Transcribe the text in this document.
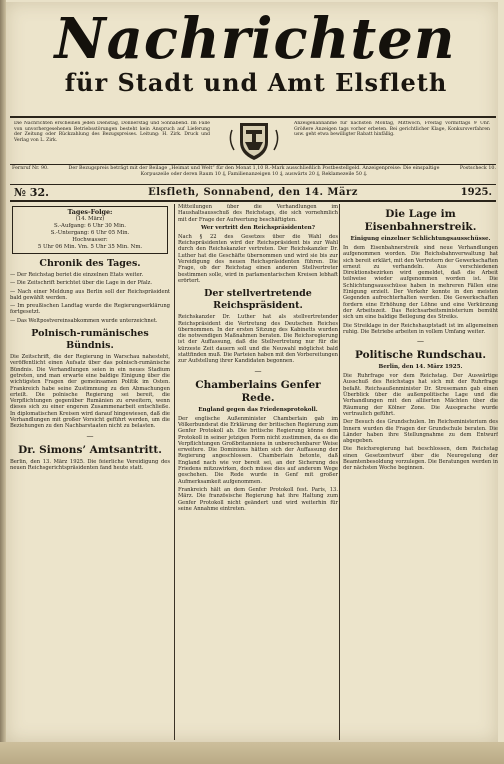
Nachrichten
für Stadt und Amt Elsfleth
Die Nachrichten erscheinen jeden Dienstag, Donnerstag und Sonnabend. Im Falle von unvorhergesehenen Betriebsstörungen besteht kein Anspruch auf Lieferung der Zeitung oder Rückzahlung des Bezugspreises. Leitung: H. Zirk. Druck und Verlag von L. Zirk.
Anzeigenannahme für nächsten Montag, Mittwoch, Freitag vormittags 9 Uhr. Größere Anzeigen tags vorher erbeten. Bei gerichtlicher Klage, Konkursverfahren usw. geht etwa bewilligter Rabatt hinfällig.
Fernruf Nr. 90.	Der Bezugspreis beträgt mit der Beilage „Heimat und Welt“ für den Monat 1,10 R.-Mark ausschließlich Postbestellgeld. Anzeigenpreise: Die einspaltige Korpuszeile oder deren Raum 10 ₰, Familienanzeigen 10 ₰, auswärts 20 ₰, Reklamezeile 50 ₰.
Postscheck 10.
№ 32.	Elsfleth, Sonnabend, den 14. März	1925.
Tages-Folge:
(14. März)
S.-Aufgang: 6 Uhr 30 Min.
S.-Untergang: 6 Uhr 05 Min.
Hochwasser:
5 Uhr 06 Min. Vm. 5 Uhr 35 Min. Nm.
Chronik des Tages.

— Der Reichstag beriet die einzelnen Etats weiter.

— Die Zeitschrift berichtet über die Lage in der Pfalz.

— Nach einer Meldung aus Berlin soll der Reichspräsident bald gewählt werden.

— Im preußischen Landtag wurde die Regierungserklärung fortgesetzt.

— Das Weltpostvereinsabkommen wurde unterzeichnet.

Polnisch-rumänisches Bündnis.

Die Zeitschrift, die der Regierung in Warschau nahesteht, veröffentlicht einen Aufsatz über das polnisch-rumänische Bündnis. Die Verhandlungen seien in ein neues Stadium getreten, und man erwarte eine baldige Einigung über die wichtigsten Fragen der gemeinsamen Politik im Osten. Frankreich habe seine Zustimmung zu den Abmachungen erteilt. Die polnische Regierung sei bereit, die Verpflichtungen gegenüber Rumänien zu erweitern, wenn dieses sich zu einer engeren Zusammenarbeit entschließe. In diplomatischen Kreisen wird darauf hingewiesen, daß die Verhandlungen mit großer Vorsicht geführt werden, um die Beziehungen zu den Nachbarstaaten nicht zu belasten.

—
Dr. Simons’ Amtsantritt.

Berlin, den 13. März 1925. Die feierliche Vereidigung des neuen Reichsgerichtspräsidenten fand heute statt.

Mitteilungen über die Verhandlungen im Haushaltsausschuß des Reichstags, die sich vornehmlich mit der Frage der Aufwertung beschäftigten.

Wer vertritt den Reichspräsidenten?

Nach § 22 des Gesetzes über die Wahl des Reichspräsidenten wird der Reichspräsident bis zur Wahl durch den Reichskanzler vertreten. Der Reichskanzler Dr. Luther hat die Geschäfte übernommen und wird sie bis zur Vereidigung des neuen Reichspräsidenten führen. Die Frage, ob der Reichstag einen anderen Stellvertreter bestimmen solle, wird in parlamentarischen Kreisen lebhaft erörtert.

Der stellvertretende Reichspräsident.

Reichskanzler Dr. Luther hat als stellvertretender Reichspräsident die Vertretung des Deutschen Reiches übernommen. In der ersten Sitzung des Kabinetts wurden die notwendigen Maßnahmen beraten. Die Reichsregierung ist der Auffassung, daß die Stellvertretung nur für die kürzeste Zeit dauern soll und die Neuwahl möglichst bald stattfinden muß. Die Parteien haben mit den Vorbereitungen zur Aufstellung ihrer Kandidaten begonnen.

—
Chamberlains Genfer Rede.
England gegen das Friedensprotokoll.

Der englische Außenminister Chamberlain gab im Völkerbundsrat die Erklärung der britischen Regierung zum Genfer Protokoll ab. Die britische Regierung könne dem Protokoll in seiner jetzigen Form nicht zustimmen, da es die Verpflichtungen Großbritanniens in unberechenbarer Weise erweitere. Die Dominions hätten sich der Auffassung der Regierung angeschlossen. Chamberlain betonte, daß England nach wie vor bereit sei, an der Sicherung des Friedens mitzuwirken, doch müsse dies auf anderem Wege geschehen. Die Rede wurde in Genf mit großer Aufmerksamkeit aufgenommen.

Frankreich hält an dem Genfer Protokoll fest. Paris, 13. März. Die französische Regierung hat ihre Haltung zum Genfer Protokoll nicht geändert und wird weiterhin für seine Annahme eintreten.

Die Lage im Eisenbahnerstreik.
Einigung einzelner Schlichtungsausschüsse.

In dem Eisenbahnerstreik sind neue Verhandlungen aufgenommen worden. Die Reichsbahnverwaltung hat sich bereit erklärt, mit den Vertretern der Gewerkschaften erneut zu verhandeln. Aus verschiedenen Direktionsbezirken wird gemeldet, daß die Arbeit teilweise wieder aufgenommen worden ist. Die Schlichtungsausschüsse haben in mehreren Fällen eine Einigung erzielt. Der Verkehr konnte in den meisten Gegenden aufrechterhalten werden. Die Gewerkschaften fordern eine Erhöhung der Löhne und eine Verkürzung der Arbeitszeit. Das Reichsarbeitsministerium bemüht sich um eine baldige Beilegung des Streiks.

Die Streiklage in der Reichshauptstadt ist im allgemeinen ruhig. Die Betriebe arbeiten in vollem Umfang weiter.

—
Politische Rundschau.
Berlin, den 14. März 1925.

Die Ruhrfrage vor dem Reichstag. Der Auswärtige Ausschuß des Reichstags hat sich mit der Ruhrfrage befaßt. Reichsaußenminister Dr. Stresemann gab einen Überblick über die außenpolitische Lage und die Verhandlungen mit den alliierten Mächten über die Räumung der Kölner Zone. Die Aussprache wurde vertraulich geführt.

Der Besuch des Grundschulen. Im Reichsministerium des Innern wurden die Fragen der Grundschule beraten. Die Länder haben ihre Stellungnahme zu dem Entwurf abgegeben.

Die Reichsregierung hat beschlossen, dem Reichstag einen Gesetzentwurf über die Neuregelung der Beamtenbesoldung vorzulegen. Die Beratungen werden in der nächsten Woche beginnen.
